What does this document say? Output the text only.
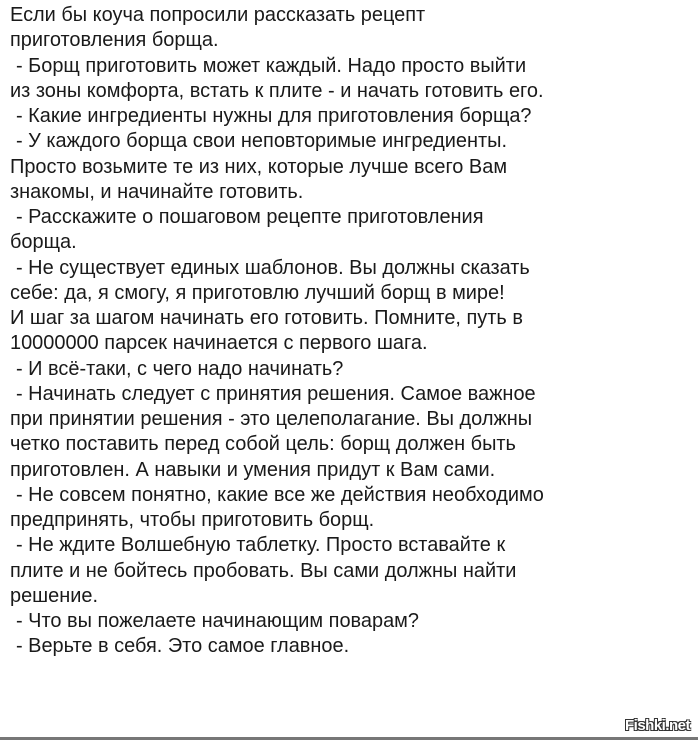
Если бы коуча попросили рассказать рецепт
приготовления борща.
- Борщ приготовить может каждый. Надо просто выйти
из зоны комфорта, встать к плите - и начать готовить его.
- Какие ингредиенты нужны для приготовления борща?
- У каждого борща свои неповторимые ингредиенты.
Просто возьмите те из них, которые лучше всего Вам
знакомы, и начинайте готовить.
- Расскажите о пошаговом рецепте приготовления
борща.
- Не существует единых шаблонов. Вы должны сказать
себе: да, я смогу, я приготовлю лучший борщ в мире!
И шаг за шагом начинать его готовить. Помните, путь в
10000000 парсек начинается с первого шага.
- И всё-таки, с чего надо начинать?
- Начинать следует с принятия решения. Самое важное
при принятии решения - это целеполагание. Вы должны
четко поставить перед собой цель: борщ должен быть
приготовлен. А навыки и умения придут к Вам сами.
- Не совсем понятно, какие все же действия необходимо
предпринять, чтобы приготовить борщ.
- Не ждите Волшебную таблетку. Просто вставайте к
плите и не бойтесь пробовать. Вы сами должны найти
решение.
- Что вы пожелаете начинающим поварам?
- Верьте в себя. Это самое главное.
Fishki.net
